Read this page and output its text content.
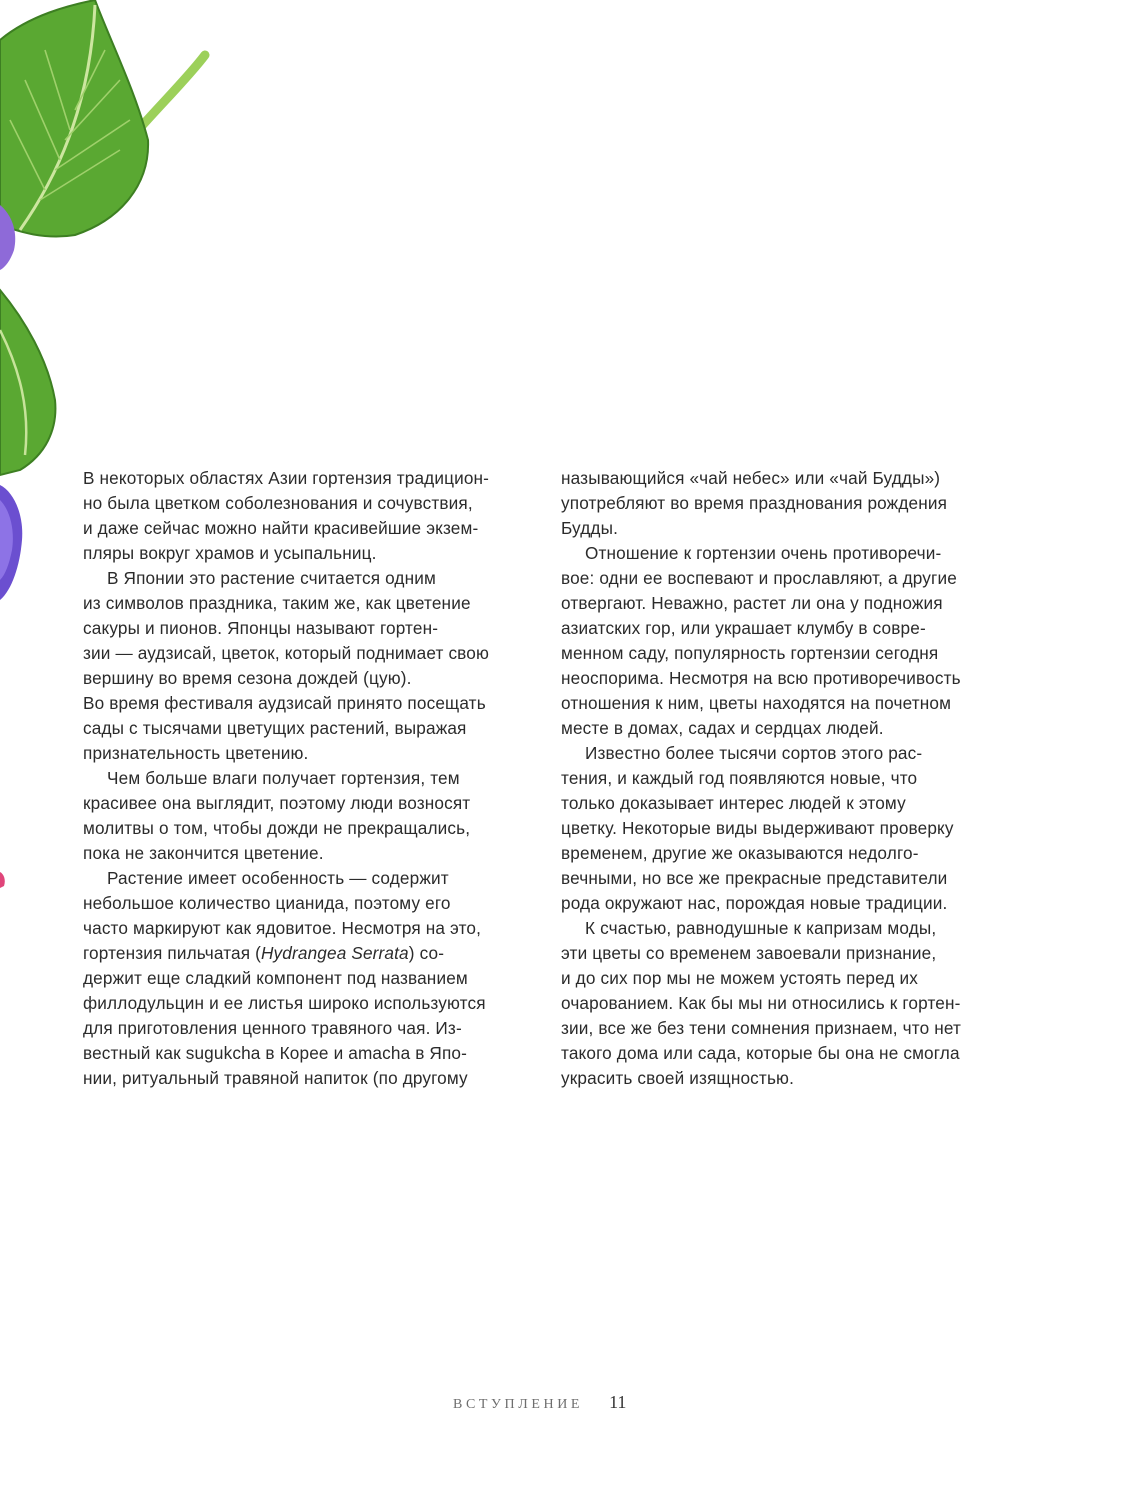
В некоторых областях Азии гортензия традицион-
но была цветком соболезнования и сочувствия,
и даже сейчас можно найти красивейшие экзем-
пляры вокруг храмов и усыпальниц.
В Японии это растение считается одним
из символов праздника, таким же, как цветение
сакуры и пионов. Японцы называют гортен-
зии — аудзисай, цветок, который поднимает свою
вершину во время сезона дождей (цую).
Во время фестиваля аудзисай принято посещать
сады с тысячами цветущих растений, выражая
признательность цветению.
Чем больше влаги получает гортензия, тем
красивее она выглядит, поэтому люди возносят
молитвы о том, чтобы дожди не прекращались,
пока не закончится цветение.
Растение имеет особенность — содержит
небольшое количество цианида, поэтому его
часто маркируют как ядовитое. Несмотря на это,
гортензия пильчатая (Hydrangea Serrata) со-
держит еще сладкий компонент под названием
филлодульцин и ее листья широко используются
для приготовления ценного травяного чая. Из-
вестный как sugukcha в Корее и amacha в Япо-
нии, ритуальный травяной напиток (по другому
называющийся «чай небес» или «чай Будды»)
употребляют во время празднования рождения
Будды.
Отношение к гортензии очень противоречи-
вое: одни ее воспевают и прославляют, а другие
отвергают. Неважно, растет ли она у подножия
азиатских гор, или украшает клумбу в совре-
менном саду, популярность гортензии сегодня
неоспорима. Несмотря на всю противоречивость
отношения к ним, цветы находятся на почетном
месте в домах, садах и сердцах людей.
Известно более тысячи сортов этого рас-
тения, и каждый год появляются новые, что
только доказывает интерес людей к этому
цветку. Некоторые виды выдерживают проверку
временем, другие же оказываются недолго-
вечными, но все же прекрасные представители
рода окружают нас, порождая новые традиции.
К счастью, равнодушные к капризам моды,
эти цветы со временем завоевали признание,
и до сих пор мы не можем устоять перед их
очарованием. Как бы мы ни относились к гортен-
зии, все же без тени сомнения признаем, что нет
такого дома или сада, которые бы она не смогла
украсить своей изящностью.
ВСТУПЛЕНИЕ 11
